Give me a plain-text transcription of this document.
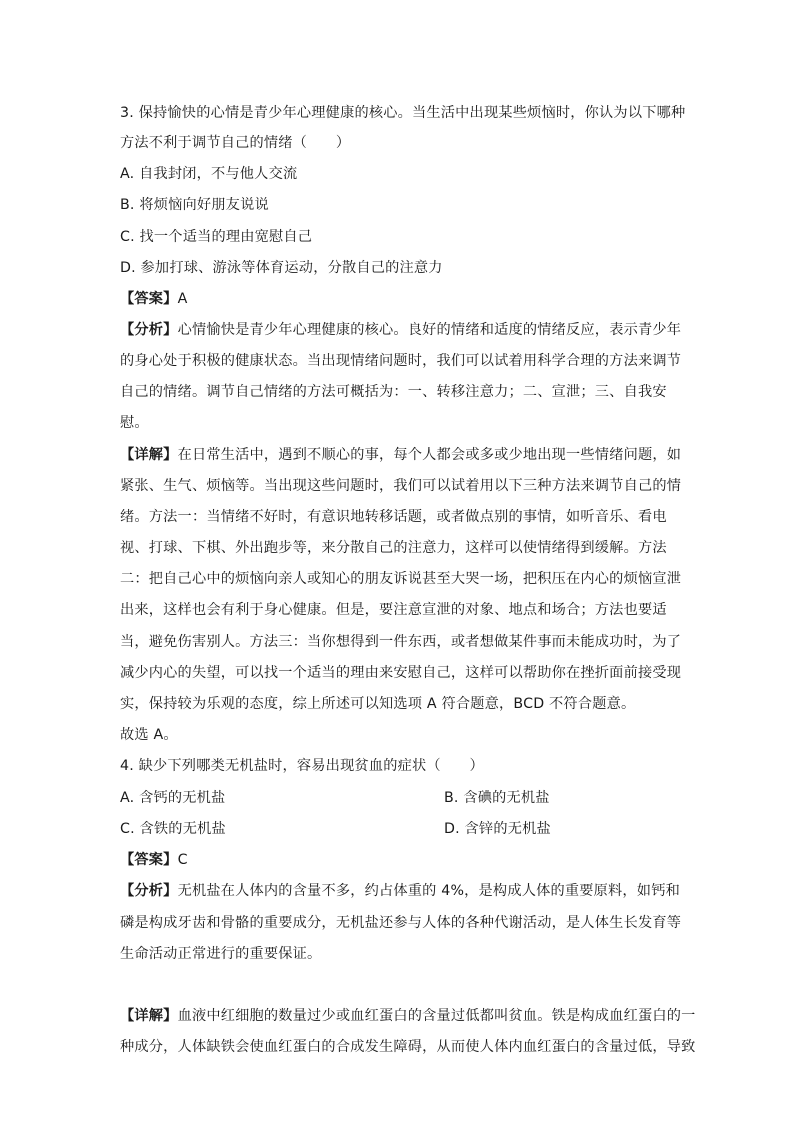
3. 保持愉快的心情是青少年心理健康的核心。当生活中出现某些烦恼时，你认为以下哪种
方法不利于调节自己的情绪（　　）
A. 自我封闭，不与他人交流
B. 将烦恼向好朋友说说
C. 找一个适当的理由宽慰自己
D. 参加打球、游泳等体育运动，分散自己的注意力
【答案】A
【分析】心情愉快是青少年心理健康的核心。良好的情绪和适度的情绪反应，表示青少年
的身心处于积极的健康状态。当出现情绪问题时，我们可以试着用科学合理的方法来调节
自己的情绪。调节自己情绪的方法可概括为：一、转移注意力；二、宣泄；三、自我安
慰。
【详解】在日常生活中，遇到不顺心的事，每个人都会或多或少地出现一些情绪问题，如
紧张、生气、烦恼等。当出现这些问题时，我们可以试着用以下三种方法来调节自己的情
绪。方法一：当情绪不好时，有意识地转移话题，或者做点别的事情，如听音乐、看电
视、打球、下棋、外出跑步等，来分散自己的注意力，这样可以使情绪得到缓解。方法
二：把自己心中的烦恼向亲人或知心的朋友诉说甚至大哭一场，把积压在内心的烦恼宣泄
出来，这样也会有利于身心健康。但是，要注意宣泄的对象、地点和场合；方法也要适
当，避免伤害别人。方法三：当你想得到一件东西，或者想做某件事而未能成功时，为了
减少内心的失望，可以找一个适当的理由来安慰自己，这样可以帮助你在挫折面前接受现
实，保持较为乐观的态度，综上所述可以知选项 A 符合题意，BCD 不符合题意。
故选 A。
4. 缺少下列哪类无机盐时，容易出现贫血的症状（　　）
A. 含钙的无机盐	B. 含碘的无机盐
C. 含铁的无机盐	D. 含锌的无机盐
【答案】C
【分析】无机盐在人体内的含量不多，约占体重的 4%，是构成人体的重要原料，如钙和
磷是构成牙齿和骨骼的重要成分，无机盐还参与人体的各种代谢活动，是人体生长发育等
生命活动正常进行的重要保证。
【详解】血液中红细胞的数量过少或血红蛋白的含量过低都叫贫血。铁是构成血红蛋白的一
种成分，人体缺铁会使血红蛋白的合成发生障碍，从而使人体内血红蛋白的含量过低，导致
